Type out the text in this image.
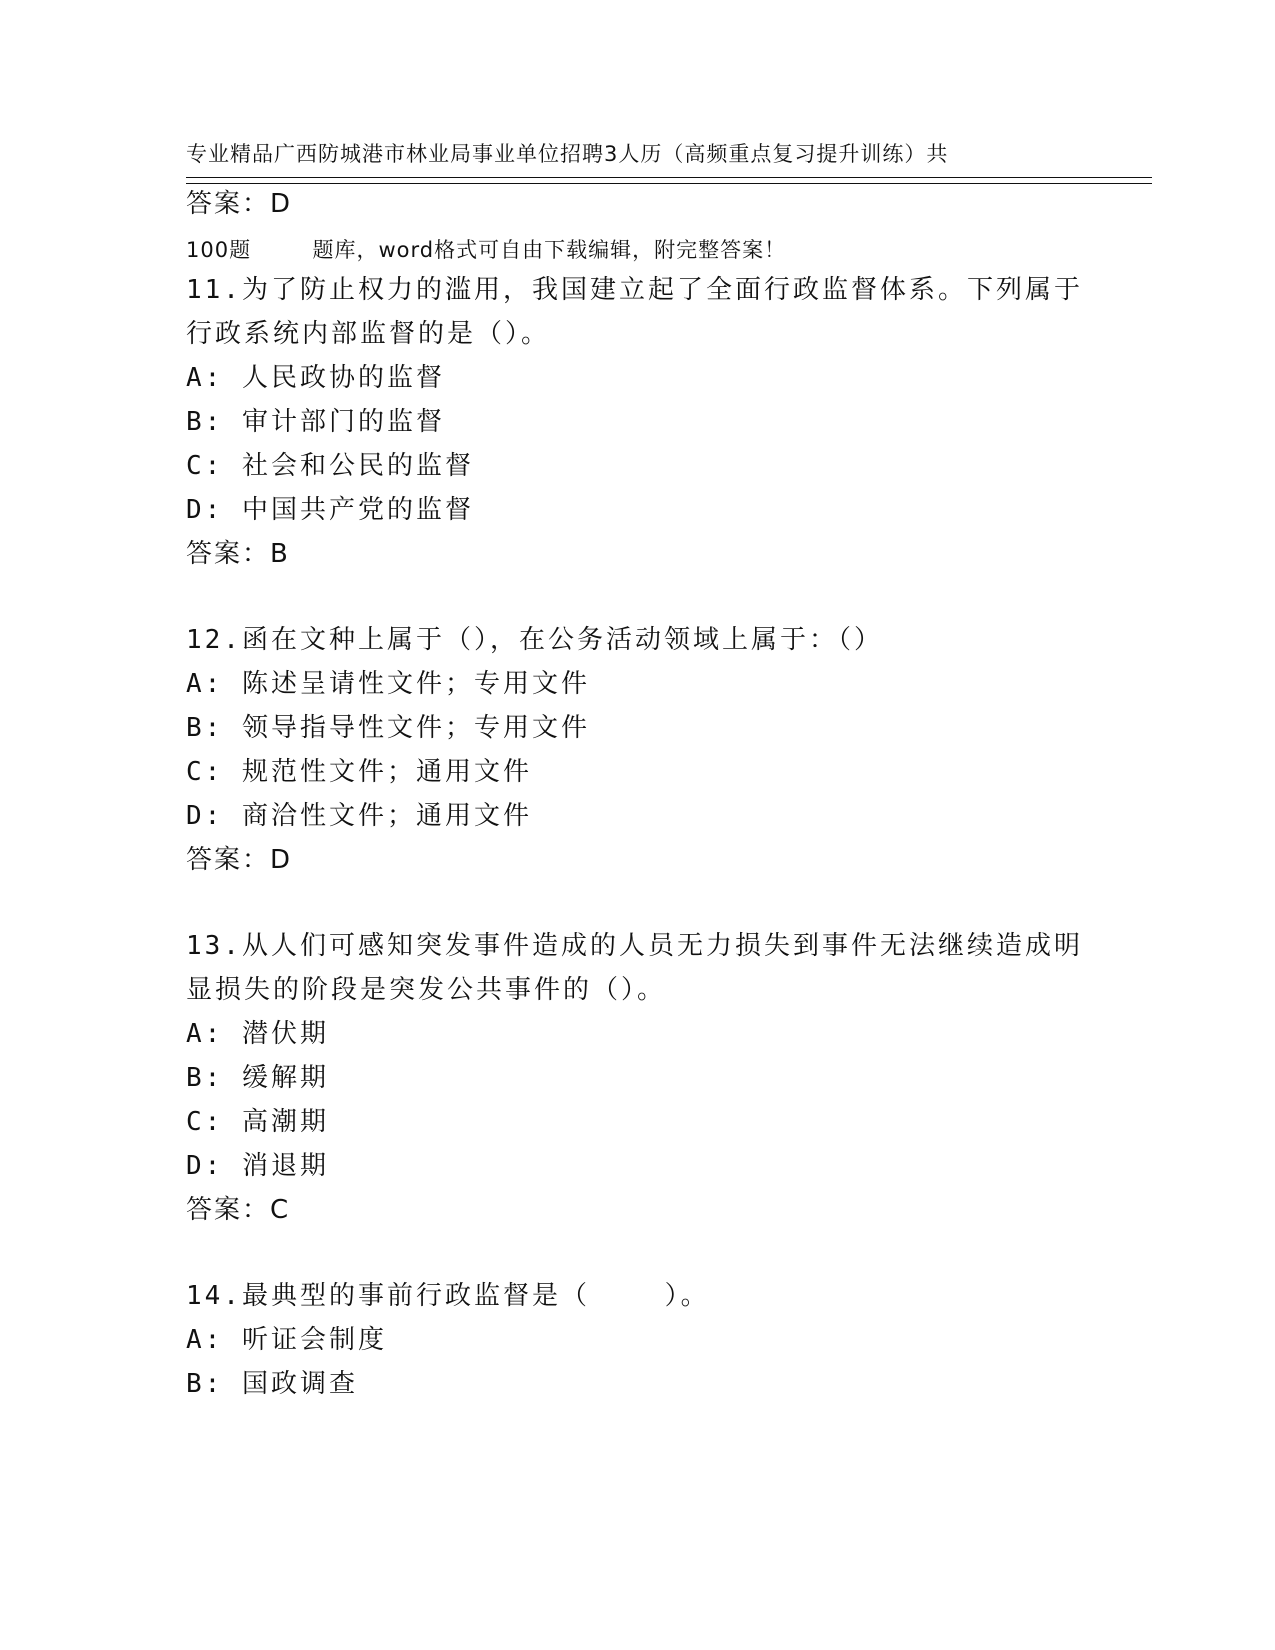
专业精品广西防城港市林业局事业单位招聘3人历（高频重点复习提升训练）共

100题        题库，word格式可自由下载编辑，附完整答案！

答案：D
11.为了防止权力的滥用，我国建立起了全面行政监督体系。下列属于
行政系统内部监督的是（）。
A: 人民政协的监督
B: 审计部门的监督
C: 社会和公民的监督
D: 中国共产党的监督
答案：B
12.函在文种上属于（），在公务活动领域上属于：（）
A: 陈述呈请性文件；专用文件
B: 领导指导性文件；专用文件
C: 规范性文件；通用文件
D: 商洽性文件；通用文件
答案：D
13.从人们可感知突发事件造成的人员无力损失到事件无法继续造成明
显损失的阶段是突发公共事件的（）。
A: 潜伏期
B: 缓解期
C: 高潮期
D: 消退期
答案：C
14.最典型的事前行政监督是（    ）。
A: 听证会制度
B: 国政调查
